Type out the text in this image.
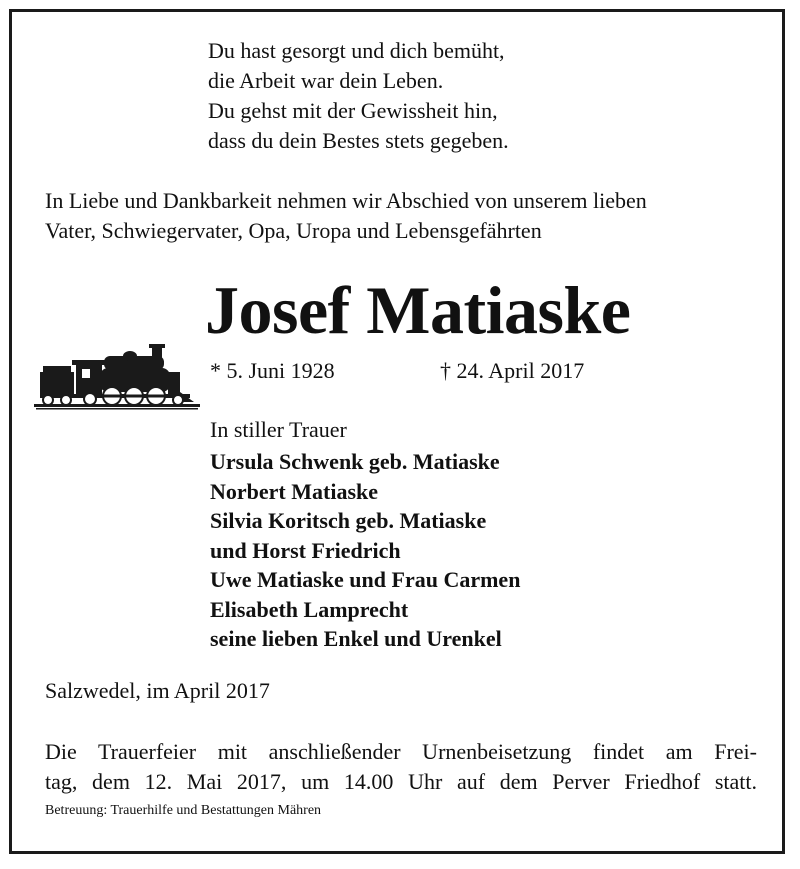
Du hast gesorgt und dich bemüht,
die Arbeit war dein Leben.
Du gehst mit der Gewissheit hin,
dass du dein Bestes stets gegeben.
In Liebe und Dankbarkeit nehmen wir Abschied von unserem lieben
Vater, Schwiegervater, Opa, Uropa und Lebensgefährten
Josef Matiaske
* 5. Juni 1928	† 24. April 2017
In stiller Trauer
Ursula Schwenk geb. Matiaske
Norbert Matiaske
Silvia Koritsch geb. Matiaske
und Horst Friedrich
Uwe Matiaske und Frau Carmen
Elisabeth Lamprecht
seine lieben Enkel und Urenkel
Salzwedel, im April 2017
Die Trauerfeier mit anschließender Urnenbeisetzung findet am Frei-
tag, dem 12. Mai 2017, um 14.00 Uhr auf dem Perver Friedhof statt.
Betreuung: Trauerhilfe und Bestattungen Mähren
